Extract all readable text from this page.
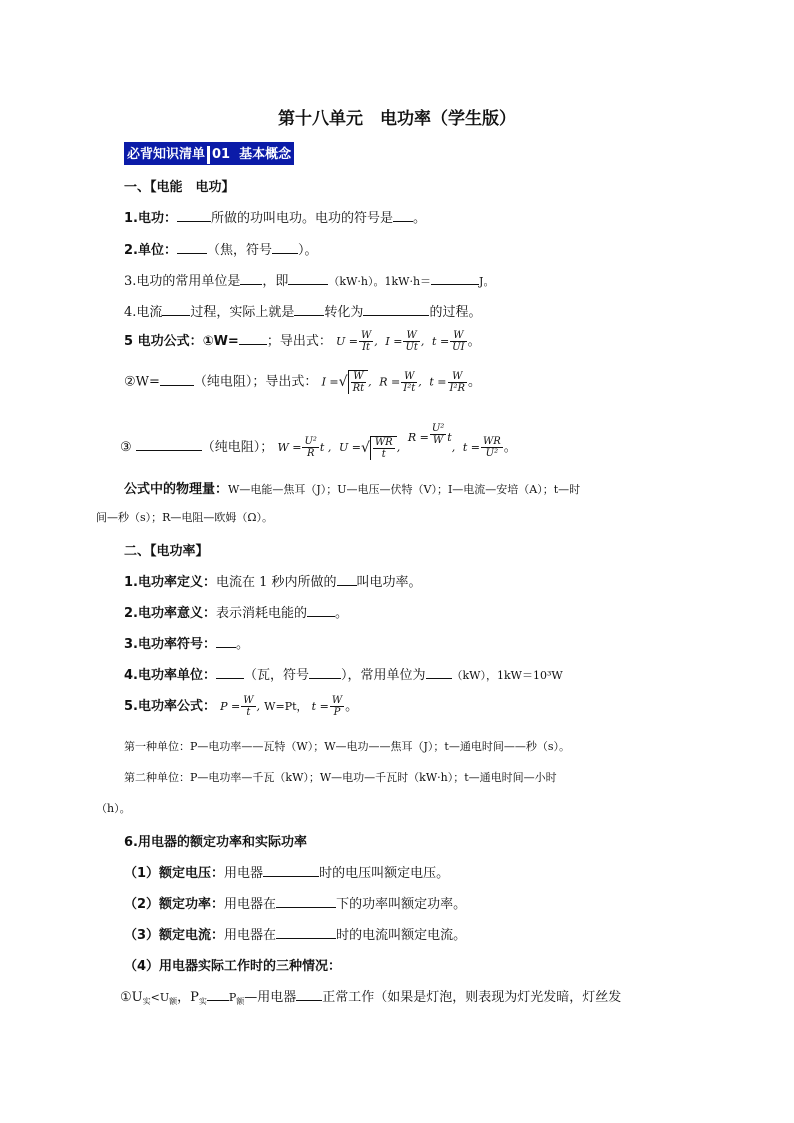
第十八单元　电功率（学生版）
必背知识清单 01 基本概念
一、【电能　电功】
1.电功：	所做的功叫电功。电功的符号是 。
2.单位： （焦，符号 ）。
3.电功的常用单位是 ，即	（kW·h）。1kW·h＝	J。
4.电流 过程，实际上就是 转化为	的过程。
5 电功公式：①W= ；导出式： $U = \frac{W}{It}$ ,  $I = \frac{W}{Ut}$ ,  $t = \frac{W}{UI}$ 。
②W=	（纯电阻）；导出式： I =√ $\frac{W}{Rt}$ ,  $R = \frac{W}{\text{I²t}}$ ,  $t = \frac{W}{\text{I²R}}$ 。
③	（纯电阻）； $W = \frac{\text{U²}}{R}$ t ,  U =√ $\frac{WR}{t}$ ,  $^{R =} \frac{\text{U²}}{W} ^t$,  $t = \frac{WR}{\text{U²}}$ 。
公式中的物理量：W—电能—焦耳（J）；U—电压—伏特（V）；I—电流—安培（A）；t—时
间—秒（s）；R—电阻—欧姆（Ω）。
二、【电功率】
1.电功率定义：电流在 1 秒内所做的 叫电功率。
2.电功率意义：表示消耗电能的 。
3.电功率符号： 。
4.电功率单位： （瓦，符号 ），常用单位为 （kW），1kW＝10³W
5.电功率公式： $P = \frac{W}{t}$ , W=Pt， $t = \frac{W}{P}$ 。
第一种单位：P—电功率——瓦特（W）；W—电功——焦耳（J）；t—通电时间——秒（s）。
第二种单位：P—电功率—千瓦（kW）；W—电功—千瓦时（kW·h）；t—通电时间—小时
（h）。
6.用电器的额定功率和实际功率
（1）额定电压：用电器	时的电压叫额定电压。
（2）额定功率：用电器在	下的功率叫额定功率。
（3）额定电流：用电器在	时的电流叫额定电流。
（4）用电器实际工作时的三种情况：
$①U_实<U_额$，$P_实$ $P_额—$用电器 正常工作（如果是灯泡，则表现为灯光发暗，灯丝发
